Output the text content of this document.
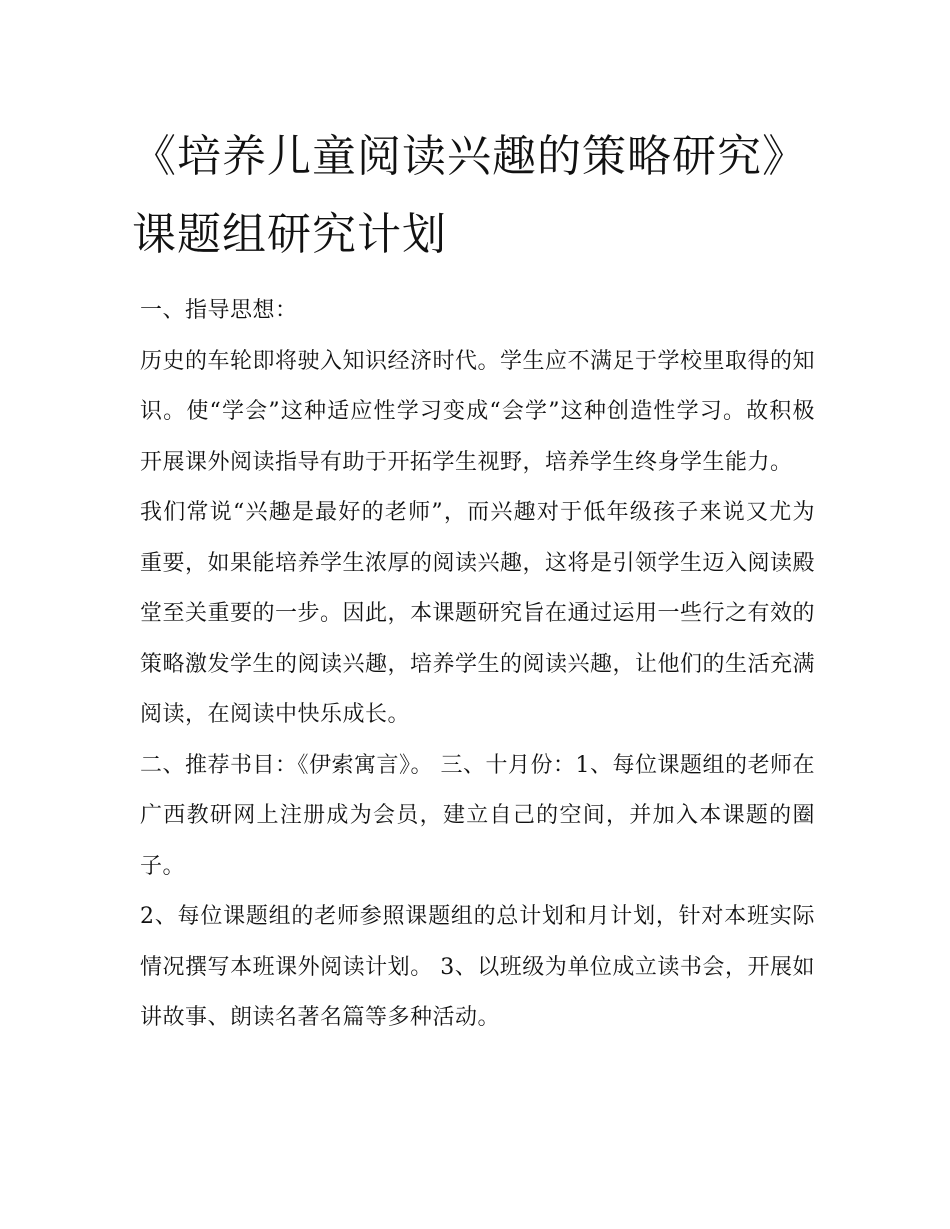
《培养儿童阅读兴趣的策略研究》课题组研究计划

一、指导思想：

历史的车轮即将驶入知识经济时代。学生应不满足于学校里取得的知识。使“学会”这种适应性学习变成“会学”这种创造性学习。故积极开展课外阅读指导有助于开拓学生视野，培养学生终身学生能力。

我们常说“兴趣是最好的老师”，而兴趣对于低年级孩子来说又尤为重要，如果能培养学生浓厚的阅读兴趣，这将是引领学生迈入阅读殿堂至关重要的一步。因此，本课题研究旨在通过运用一些行之有效的策略激发学生的阅读兴趣，培养学生的阅读兴趣，让他们的生活充满阅读，在阅读中快乐成长。

二、推荐书目：《伊索寓言》。 三、十月份：1、每位课题组的老师在广西教研网上注册成为会员，建立自己的空间，并加入本课题的圈子。

2、每位课题组的老师参照课题组的总计划和月计划，针对本班实际情况撰写本班课外阅读计划。 3、以班级为单位成立读书会，开展如讲故事、朗读名著名篇等多种活动。
